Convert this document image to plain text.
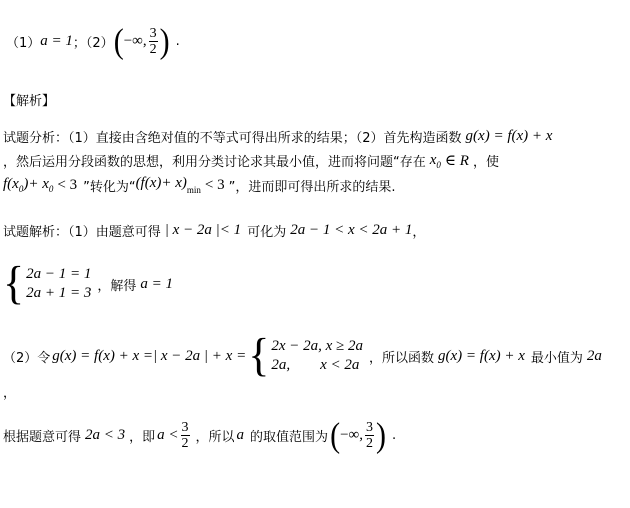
（1） a = 1 ；（2） ( −∞, $\frac{3}{2}$ ) .
【解析】
试题分析：（1）直接由含绝对值的不等式可得出所求的结果；（2）首先构造函数 g(x) = f(x) + x
，然后运用分段函数的思想，利用分类讨论求其最小值，进而将问题“存在 $x_0$ ∈ R ，使
$f(x_0)+ x_0 < 3$ ”转化为“ $(f(x)+ x)_{min} < 3$ ”，进而即可得出所求的结果.
试题解析：（1）由题意可得 | x − 2a |< 1 可化为 2a − 1 < x < 2a + 1 ，
{ 2a − 1 = 1
2a + 1 = 3 ，解得 a = 1
（2）令 g(x) = f(x) + x =| x − 2a | + x = { 2x − 2a, x ≥ 2a
2a,        x < 2a ，所以函数 g(x) = f(x) + x 最小值为 2a
，
根据题意可得 2a < 3 ，即 $a < \frac{3}{2}$ ，所以 a 的取值范围为 ( −∞, $\frac{3}{2}$ ) .
